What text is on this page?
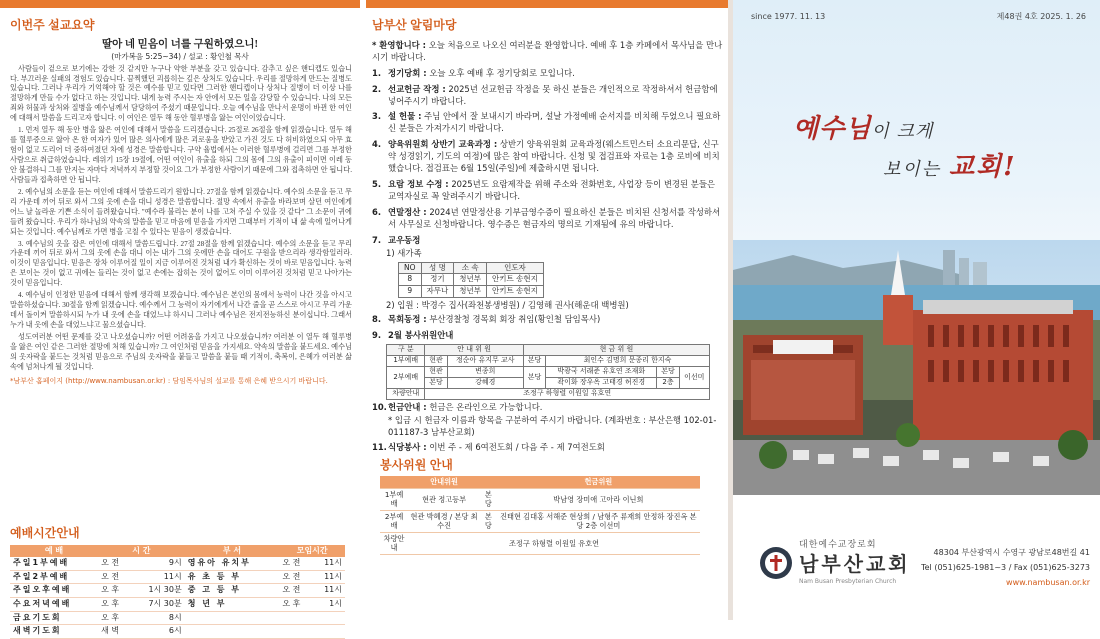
이번주 설교요약
딸아 네 믿음이 너를 구원하였으니!
(마가복음 5:25~34) / 설교 : 황인철 목사

사람들이 겉으로 보기에는 강한 것 같지만 누구나 약한 부분을 갖고 있습니다. 감추고 싶은 핸디캡도 있습니다. 부끄러운 실패의 경험도 있습니다. 끔찍했던 괴롭히는 깊은 상처도 있습니다. 우리를 절망하게 만드는 질병도 있습니다. 그러나 우리가 기억해야 할 것은 예수를 믿고 있다면 그러한 핸디캡이나 상처나 질병이 더 이상 나를 절망하게 만들 수가 없다고 하는 것입니다. 내게 능력 주시는 자 안에서 모든 일을 감당할 수 있습니다. 나의 모든 죄와 허물과 상처와 질병을 예수님께서 담당하여 주셨기 때문입니다. 오늘 예수님을 만나서 운명이 바뀐 한 여인에 대해서 말씀을 드리고자 합니다. 이 여인은 열두 해 동안 혈루병을 앓는 여인이었습니다.

1. 먼저 열두 해 동안 병을 앓은 여인에 대해서 말씀을 드리겠습니다. 25절로 26절을 함께 읽겠습니다. 열두 해를 혈루증으로 앓아 온 한 여자가 있어 많은 의사에게 많은 괴로움을 받았고 가진 것도 다 허비하였으되 아무 효험이 없고 도리어 더 중하여졌던 차에 성경은 말씀합니다. 구약 율법에서는 이러한 혈루병에 걸리면 그를 부정한 사람으로 취급하였습니다. 레위기 15장 19절에, 어떤 여인이 유출을 하되 그의 몸에 그의 유출이 피이면 이레 동안 불결하니 그를 만지는 자마다 저녁까지 부정할 것이요 그가 부정한 사람이기 때문에 그와 접촉하면 안 됩니다. 사람들과 접촉하면 안 됩니다.

2. 예수님의 소문을 듣는 여인에 대해서 말씀드리기 원합니다. 27절을 함께 읽겠습니다. 예수의 소문을 듣고 무리 가운데 끼어 뒤로 와서 그의 옷에 손을 대니 성경은 말씀합니다. 절망 속에서 유출을 바라보며 살던 여인에게 어느 날 놀라운 기쁜 소식이 들려왔습니다. "예수라 불리는 분이 나를 고쳐 주실 수 있을 것 같다" 그 소문이 귀에 들려 왔습니다. 우리가 하나님의 약속의 말씀을 믿고 마음에 믿음을 가지면 그때부터 기적이 내 삶 속에 일어나게 되는 것입니다. 예수님께로 가면 병을 고칠 수 있다는 믿음이 생겼습니다.

3. 예수님의 옷을 잡은 여인에 대해서 말씀드립니다. 27절 28절을 함께 읽겠습니다. 예수의 소문을 듣고 무리 가운데 끼어 뒤로 와서 그의 옷에 손을 대니 이는 내가 그의 옷에만 손을 대어도 구원을 받으리라 생각함일러라. 이것이 믿음입니다. 믿음은 장차 이루어질 일이 지금 이루어진 것처럼 내가 확신하는 것이 바로 믿음입니다. 능력은 보이는 것이 없고 귀에는 들리는 것이 없고 손에는 잡히는 것이 없어도 이미 이루어진 것처럼 믿고 나아가는 것이 믿음입니다.

4. 예수님이 인정한 믿음에 대해서 함께 생각해 보겠습니다. 예수님은 본인의 몸에서 능력이 나간 것을 아시고 말씀하셨습니다. 30절을 함께 읽겠습니다. 예수께서 그 능력이 자기에게서 나간 줄을 곧 스스로 아시고 무리 가운데서 돌이켜 말씀하시되 누가 내 옷에 손을 대었느냐 하시니 그러나 예수님은 전지전능하신 분이십니다. 그래서 누가 내 옷에 손을 대었느냐고 물으셨습니다.

성도여러분 어떤 문제를 갖고 나오셨습니까? 어떤 어려움을 가지고 나오셨습니까? 여러분 이 열두 해 혈루병을 앓은 여인 같은 그러한 절망에 처해 있습니까? 그 여인처럼 믿음을 가지세요. 약속의 말씀을 붙드세요. 예수님의 옷자락을 붙드는 것처럼 믿음으로 주님의 옷자락을 붙들고 말씀을 붙들 때 기적이, 축복이, 은혜가 여러분 삶 속에 넘쳐나게 될 것입니다.

*남부산 홈페이지 (http://www.nambusan.or.kr) : 담임목사님의 설교를 통해 은혜 받으시기 바랍니다.
예배시간안내
예 배	시 간		부 서	모임시간	
주일1부예배	오 전	9시	영유아 유치부	오 전	11시
주일2부예배	오 전	11시	유 초 등 부	오 전	11시
주일오후예배	오 후	1시 30분	중 고 등 부	오 전	11시
수요저녁예배	오 후	7시 30분	청 년 부	오 후	1시
금요기도회	오 후	8시			
새벽기도회	새 벽	6시			
남부산 알림마당
* 환영합니다 : 오늘 처음으로 나오신 여러분을 환영합니다. 예배 후 1층 카페에서 목사님을 만나시기 바랍니다.
1. 정기당회 : 오늘 오후 예배 후 정기당회로 모입니다.
2. 선교헌금 작정 : 2025년 선교헌금 작정을 못 하신 분들은 개인적으로 작정하셔서 헌금함에 넣어주시기 바랍니다.
3. 설 헌물 : 주님 안에서 잘 보내시기 바라며, 설날 가정예배 순서지를 비치해 두었으니 필요하신 분들은 가져가시기 바랍니다.
4. 양육위원회 상반기 교육과정 : 상반기 양육위원회 교육과정(웨스트민스터 소요리문답, 신구약 성경읽기, 기도의 여정)에 많은 참여 바랍니다. 신청 및 접검표와 자료는 1층 로비에 비치했습니다. 접검표는 6월 15일(주일)에 제출하시면 됩니다.
5. 요람 정보 수정 : 2025년도 요람제작을 위해 주소와 전화번호, 사업장 등이 변경된 분들은 교역자실로 꼭 알려주시기 바랍니다.
6. 연말정산 : 2024년 연말정산용 기부금영수증이 필요하신 분들은 비치된 신청서를 작성하셔서 사무실로 신청바랍니다. 영수증은 현금자의 명의로 기재됨에 유의 바랍니다.
7. 교우동정
1) 새가족
NO	성 명	소 속	인도자
8	정기	청년부	안키트 송현지
9	자무나	청년부	안키트 송현지
2) 입원 : 박경수 집사(좌천봉생병원) / 김영해 권사(해운대 백병원)
8. 목회동정 : 부산경찰청 경목회 회장 취임(황인철 담임목사)
9. 2월 봉사위원안내
구 분	안 내 위 원		현 금 위 원			
1부예배	현관	정순아 유지무 교사	본당	최인수 김명희 문종리 한지숙		
2부예배	현관	변종희	본당	박광국 서래준 유호연 조재화	본당	이선미
	본당	강혜경		곽이화 장우옥 고태경 허진경	2층	
차량안내	조정구 하형렬 이원일 유호연					
10. 헌금안내 : 헌금은 온라인으로 가능합니다.
* 입금 시 헌금자 이름과 항목을 구분하여 주시기 바랍니다. (계좌번호 : 부산은행 102-01-011187-3 남부산교회)
11. 식당봉사 : 이번 주 - 제 6여전도회 / 다음 주 - 제 7여전도회
봉사위원 안내
	안내위원		헌금위원
1부예배	현관 정고등부	본당	박남영 장미애 고아라 이닌희
2부예배	현관 박혜경 / 본당 최수진	본당	진태현 김대홍 서해준 현상희 / 남형주 류재희 안정하 장진옥 본당 2층 이선미
차량안내	조정구 하형렬 이원일 유호연		
since 1977. 11. 13	제48권 4호 2025. 1. 26
예수님이 크게
보이는 교회!
대한예수교장로회
남부산교회
Nam Busan Presbyterian Church
48304 부산광역시 수영구 광남로48번길 41
Tel (051)625-1981~3 / Fax (051)625-3273
www.nambusan.or.kr
